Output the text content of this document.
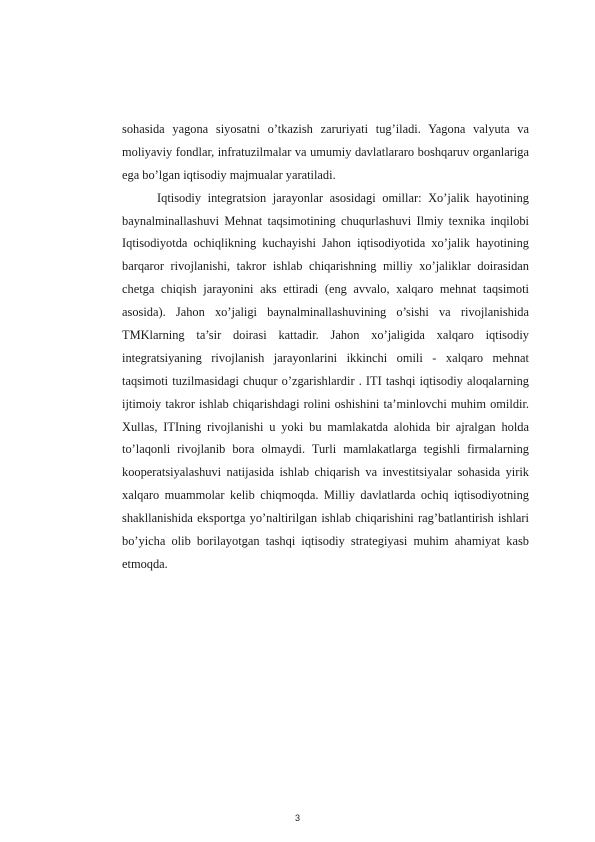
sohasida yagona siyosatni o’tkazish zaruriyati tug’iladi. Yagona valyuta va
moliyaviy fondlar, infratuzilmalar va umumiy davlatlararo boshqaruv organlariga
ega bo’lgan iqtisodiy majmualar yaratiladi.
Iqtisodiy integratsion jarayonlar asosidagi omillar: Xo’jalik hayotining
baynalminallashuvi Mehnat taqsimotining chuqurlashuvi Ilmiy texnika inqilobi
Iqtisodiyotda ochiqlikning kuchayishi Jahon iqtisodiyotida xo’jalik hayotining
barqaror rivojlanishi, takror ishlab chiqarishning milliy xo’jaliklar doirasidan
chetga chiqish jarayonini aks ettiradi (eng avvalo, xalqaro mehnat taqsimoti
asosida). Jahon xo’jaligi baynalminallashuvining o’sishi va rivojlanishida
TMKlarning ta’sir doirasi kattadir. Jahon xo’jaligida xalqaro iqtisodiy
integratsiyaning rivojlanish jarayonlarini ikkinchi omili - xalqaro mehnat
taqsimoti tuzilmasidagi chuqur o’zgarishlardir . ITI tashqi iqtisodiy aloqalarning
ijtimoiy takror ishlab chiqarishdagi rolini oshishini ta’minlovchi muhim omildir.
Xullas, ITIning rivojlanishi u yoki bu mamlakatda alohida bir ajralgan holda
to’laqonli rivojlanib bora olmaydi. Turli mamlakatlarga tegishli firmalarning
kooperatsiyalashuvi natijasida ishlab chiqarish va investitsiyalar sohasida yirik
xalqaro muammolar kelib chiqmoqda. Milliy davlatlarda ochiq iqtisodiyotning
shakllanishida eksportga yo’naltirilgan ishlab chiqarishini rag’batlantirish ishlari
bo’yicha olib borilayotgan tashqi iqtisodiy strategiyasi muhim ahamiyat kasb
etmoqda.
3
